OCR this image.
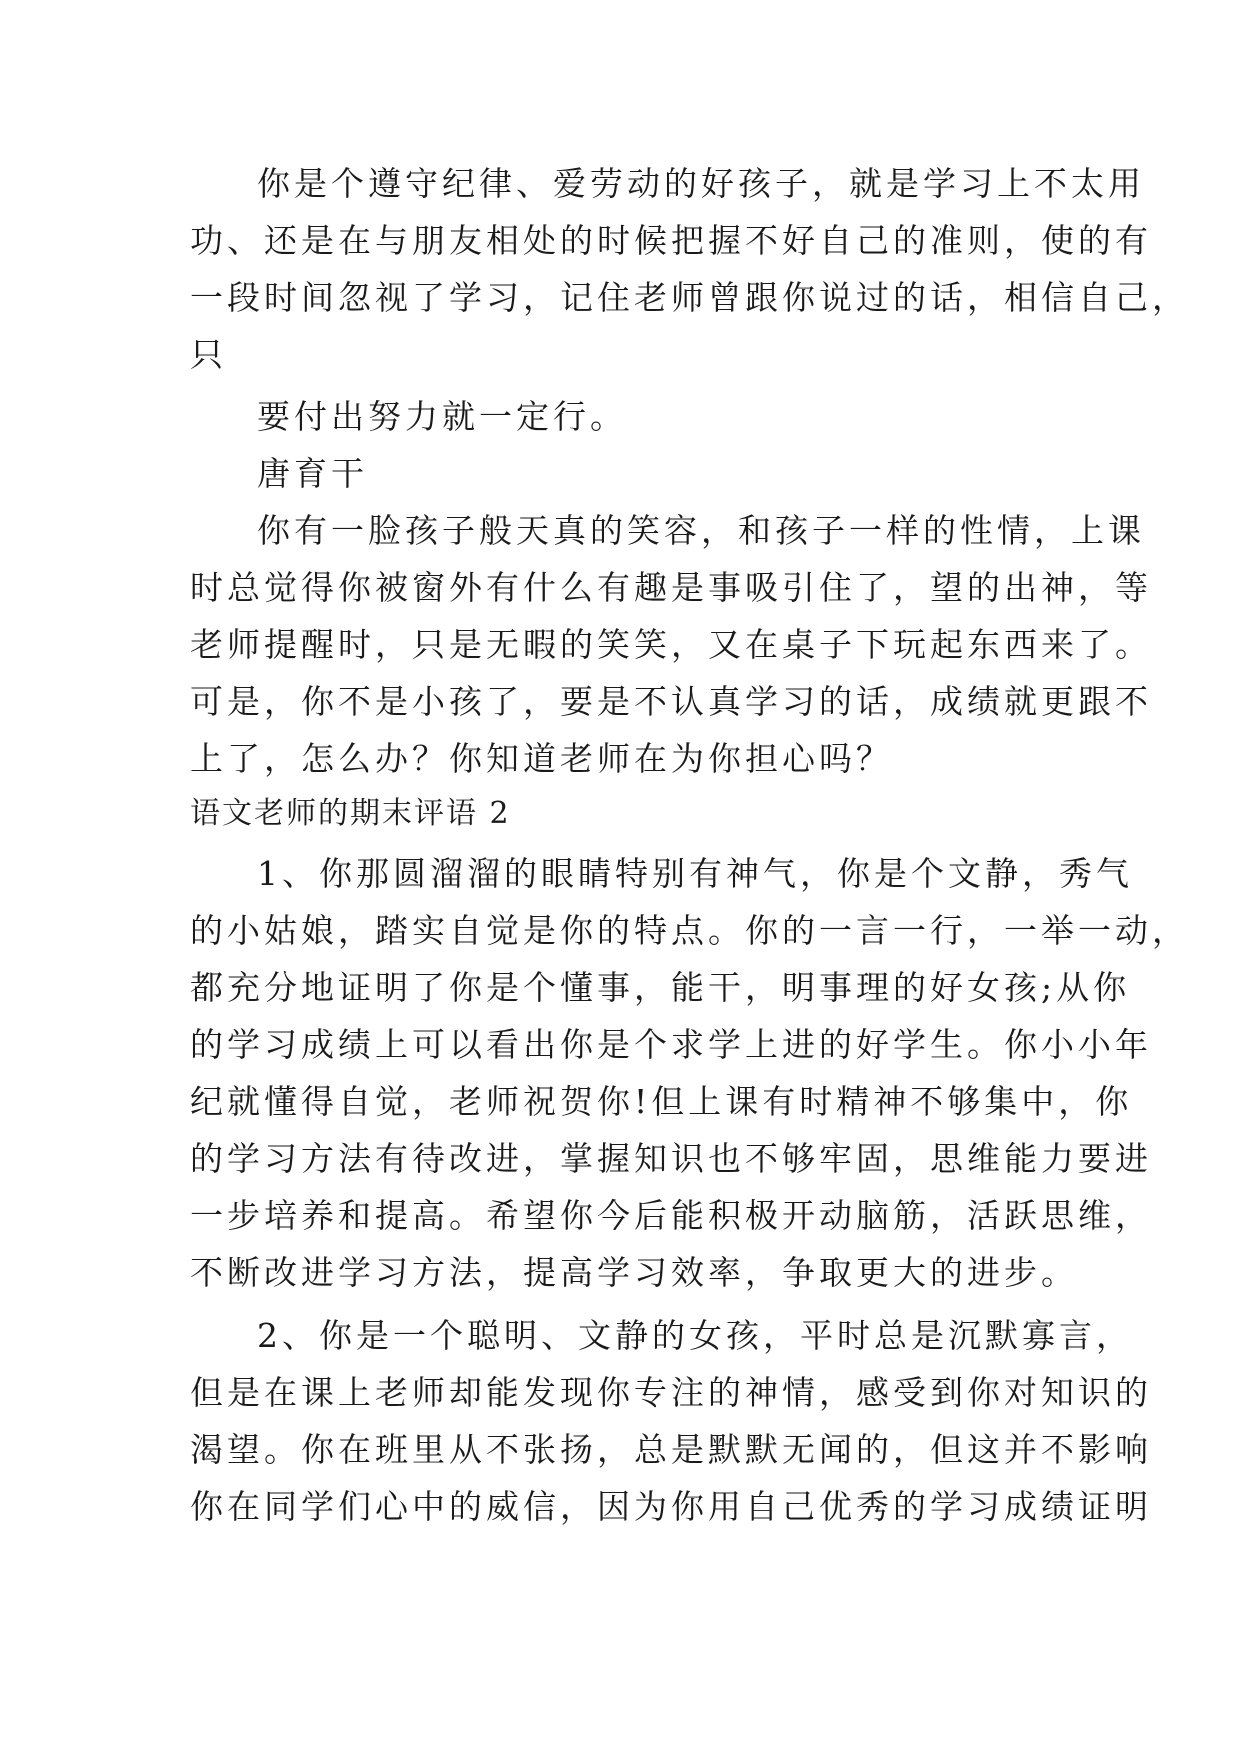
你是个遵守纪律、爱劳动的好孩子，就是学习上不太用
功、还是在与朋友相处的时候把握不好自己的准则，使的有
一段时间忽视了学习，记住老师曾跟你说过的话，相信自己，
只
要付出努力就一定行。
唐育干
你有一脸孩子般天真的笑容，和孩子一样的性情，上课
时总觉得你被窗外有什么有趣是事吸引住了，望的出神，等
老师提醒时，只是无暇的笑笑，又在桌子下玩起东西来了。
可是，你不是小孩了，要是不认真学习的话，成绩就更跟不
上了，怎么办？你知道老师在为你担心吗？
语文老师的期末评语 2
1、你那圆溜溜的眼睛特别有神气，你是个文静，秀气
的小姑娘，踏实自觉是你的特点。你的一言一行，一举一动，
都充分地证明了你是个懂事，能干，明事理的好女孩;从你
的学习成绩上可以看出你是个求学上进的好学生。你小小年
纪就懂得自觉，老师祝贺你!但上课有时精神不够集中，你
的学习方法有待改进，掌握知识也不够牢固，思维能力要进
一步培养和提高。希望你今后能积极开动脑筋，活跃思维，
不断改进学习方法，提高学习效率，争取更大的进步。
2、你是一个聪明、文静的女孩，平时总是沉默寡言，
但是在课上老师却能发现你专注的神情，感受到你对知识的
渴望。你在班里从不张扬，总是默默无闻的，但这并不影响
你在同学们心中的威信，因为你用自己优秀的学习成绩证明
